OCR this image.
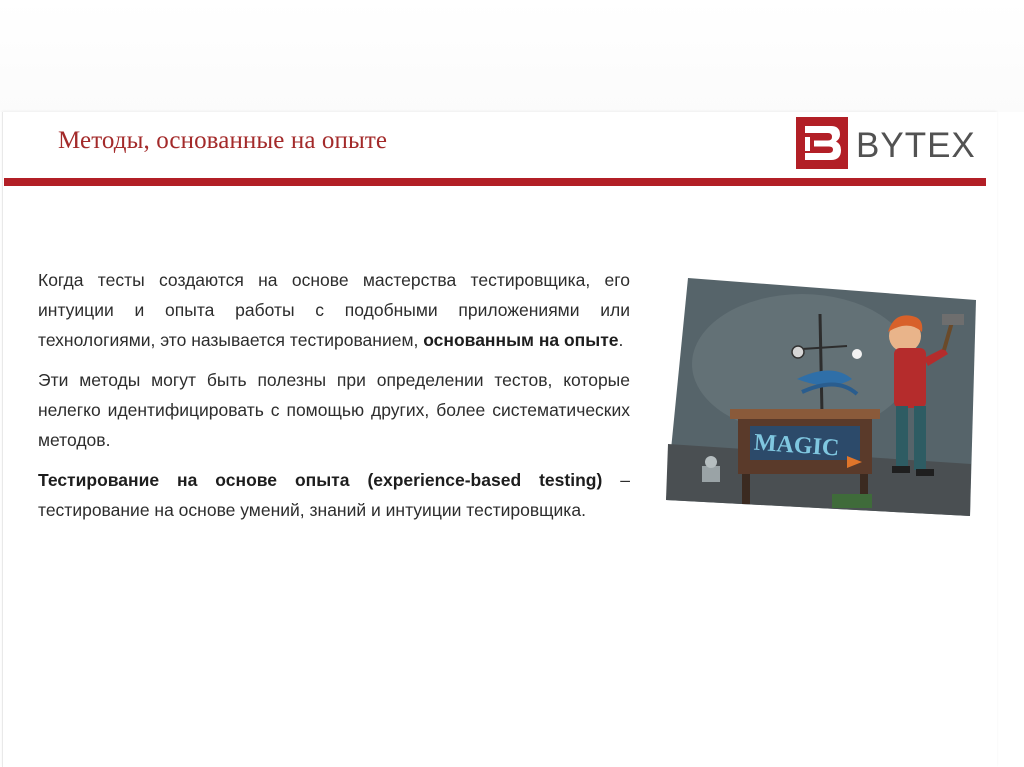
Методы, основанные на опыте	BYTEX

Когда тесты создаются на основе мастерства тестировщика, его интуиции и опыта работы с подобными приложениями или технологиями, это называется тестированием, основанным на опыте.

Эти методы могут быть полезны при определении тестов, которые нелегко идентифицировать с помощью других, более систематических методов.

Тестирование на основе опыта (experience-based testing) – тестирование на основе умений, знаний и интуиции тестировщика.

MAGIC
